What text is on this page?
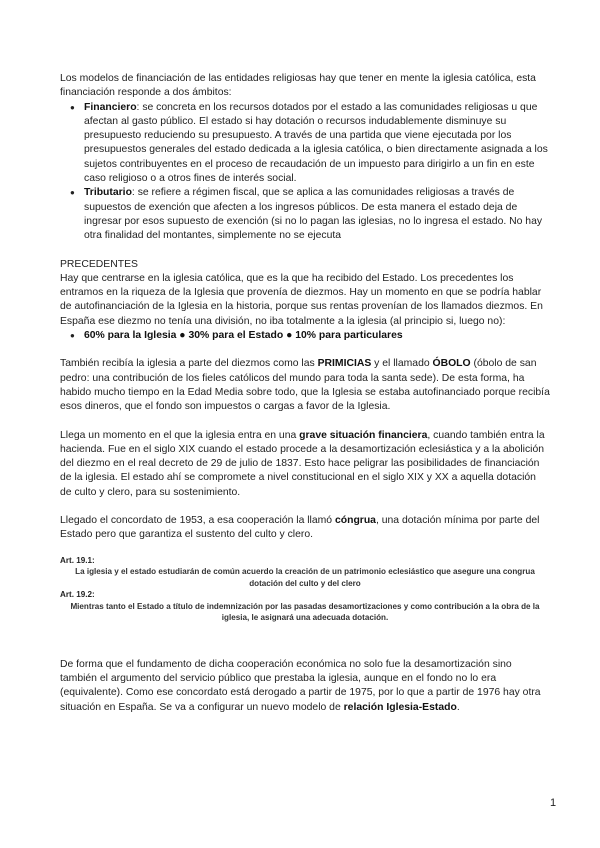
Los modelos de financiación de las entidades religiosas hay que tener en mente la iglesia católica, esta financiación responde a dos ámbitos:

● Financiero: se concreta en los recursos dotados por el estado a las comunidades religiosas u que afectan al gasto público. El estado si hay dotación o recursos indudablemente disminuye su presupuesto reduciendo su presupuesto. A través de una partida que viene ejecutada por los presupuestos generales del estado dedicada a la iglesia católica, o bien directamente asignada a los sujetos contribuyentes en el proceso de recaudación de un impuesto para dirigirlo a un fin en este caso religioso o a otros fines de interés social.
● Tributario: se refiere a régimen fiscal, que se aplica a las comunidades religiosas a través de supuestos de exención que afecten a los ingresos públicos. De esta manera el estado deja de ingresar por esos supuesto de exención (si no lo pagan las iglesias, no lo ingresa el estado. No hay otra finalidad del montantes, simplemente no se ejecuta

PRECEDENTES

Hay que centrarse en la iglesia católica, que es la que ha recibido del Estado. Los precedentes los entramos en la riqueza de la Iglesia que provenía de diezmos. Hay un momento en que se podría hablar de autofinanciación de la Iglesia en la historia, porque sus rentas provenían de los llamados diezmos. En España ese diezmo no tenía una división, no iba totalmente a la iglesia (al principio si, luego no):

● 60% para la Iglesia ● 30% para el Estado ● 10% para particulares

También recibía la iglesia a parte del diezmos como las PRIMICIAS y el llamado ÓBOLO (óbolo de san pedro: una contribución de los fieles católicos del mundo para toda la santa sede). De esta forma, ha habido mucho tiempo en la Edad Media sobre todo, que la Iglesia se estaba autofinanciado porque recibía esos dineros, que el fondo son impuestos o cargas a favor de la Iglesia.

Llega un momento en el que la iglesia entra en una grave situación financiera, cuando también entra la hacienda. Fue en el siglo XIX cuando el estado procede a la desamortización eclesiástica y a la abolición del diezmo en el real decreto de 29 de julio de 1837. Esto hace peligrar las posibilidades de financiación de la iglesia. El estado ahí se compromete a nivel constitucional en el siglo XIX y XX a aquella dotación de culto y clero, para su sostenimiento.

Llegado el concordato de 1953, a esa cooperación la llamó cóngrua, una dotación mínima por parte del Estado pero que garantiza el sustento del culto y clero.

Art. 19.1:
La iglesia y el estado estudiarán de común acuerdo la creación de un patrimonio eclesiástico que asegure una congrua dotación del culto y del clero
Art. 19.2:
Mientras tanto el Estado a título de indemnización por las pasadas desamortizaciones y como contribución a la obra de la iglesia, le asignará una adecuada dotación.

De forma que el fundamento de dicha cooperación económica no solo fue la desamortización sino también el argumento del servicio público que prestaba la iglesia, aunque en el fondo no lo era (equivalente). Como ese concordato está derogado a partir de 1975, por lo que a partir de 1976 hay otra situación en España. Se va a configurar un nuevo modelo de relación Iglesia-Estado.

1
